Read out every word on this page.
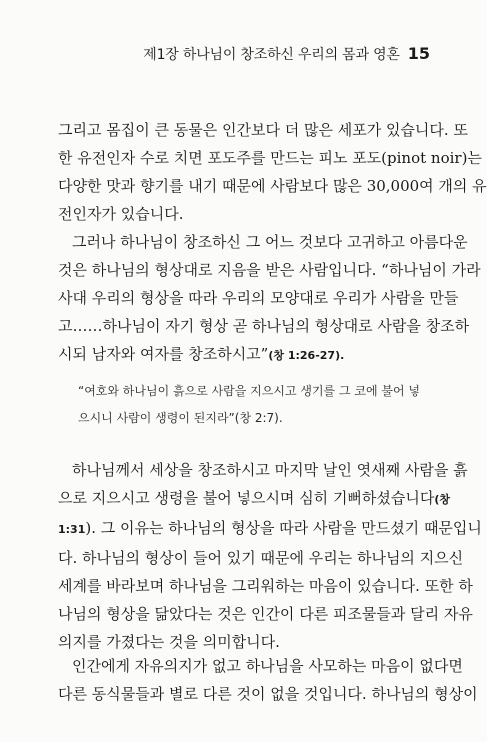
제1장 하나님이 창조하신 우리의 몸과 영혼 15

그리고 몸집이 큰 동물은 인간보다 더 많은 세포가 있습니다. 또
한 유전인자 수로 치면 포도주를 만드는 피노 포도(pinot noir)는
다양한 맛과 향기를 내기 때문에 사람보다 많은 30,000여 개의 유
전인자가 있습니다.

그러나 하나님이 창조하신 그 어느 것보다 고귀하고 아름다운
것은 하나님의 형상대로 지음을 받은 사람입니다. “하나님이 가라
사대 우리의 형상을 따라 우리의 모양대로 우리가 사람을 만들
고……하나님이 자기 형상 곧 하나님의 형상대로 사람을 창조하
시되 남자와 여자를 창조하시고”(창 1:26-27).

“여호와 하나님이 흙으로 사람을 지으시고 생기를 그 코에 불어 넣
으시니 사람이 생령이 된지라”(창 2:7).

하나님께서 세상을 창조하시고 마지막 날인 엿새째 사람을 흙
으로 지으시고 생령을 불어 넣으시며 심히 기뻐하셨습니다(창
1:31). 그 이유는 하나님의 형상을 따라 사람을 만드셨기 때문입니
다. 하나님의 형상이 들어 있기 때문에 우리는 하나님의 지으신
세계를 바라보며 하나님을 그리워하는 마음이 있습니다. 또한 하
나님의 형상을 닮았다는 것은 인간이 다른 피조물들과 달리 자유
의지를 가졌다는 것을 의미합니다.

인간에게 자유의지가 없고 하나님을 사모하는 마음이 없다면
다른 동식물들과 별로 다른 것이 없을 것입니다. 하나님의 형상이
